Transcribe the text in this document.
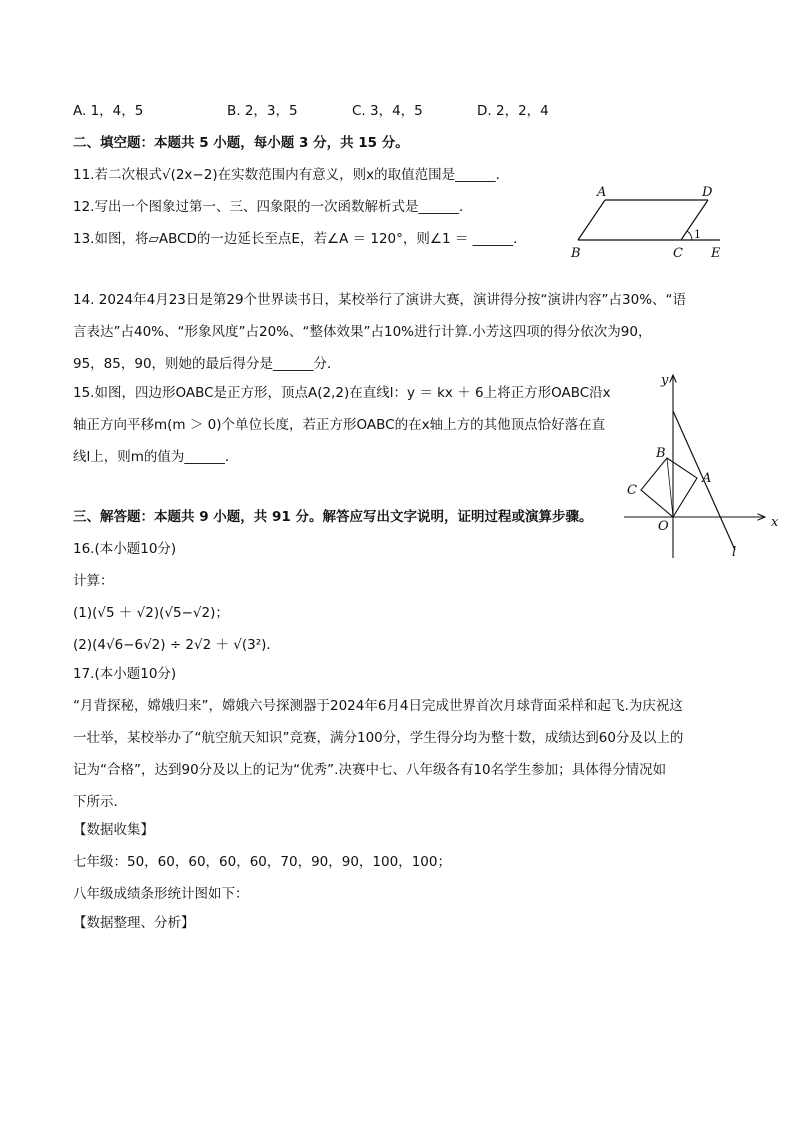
A. 1，4，5	B. 2，3，5	C. 3，4，5	D. 2，2，4
二、填空题：本题共 5 小题，每小题 3 分，共 15 分。
11.若二次根式√(2x−2)在实数范围内有意义，则x的取值范围是______．
12.写出一个图象过第一、三、四象限的一次函数解析式是______．
13.如图，将▱ABCD的一边延长至点E，若∠A ＝ 120°，则∠1 ＝ ______．
A	D
B	C E
1
14. 2024年4月23日是第29个世界读书日，某校举行了演讲大赛，演讲得分按“演讲内容”占30%、“语
言表达”占40%、“形象风度”占20%、“整体效果”占10%进行计算.小芳这四项的得分依次为90，
95，85，90，则她的最后得分是______分．
15.如图，四边形OABC是正方形，顶点A(2,2)在直线l：y ＝ kx ＋ 6上将正方形OABC沿x
轴正方向平移m(m ＞ 0)个单位长度，若正方形OABC的在x轴上方的其他顶点恰好落在直
线l上，则m的值为______．
x
y
O
A
B
C
l
三、解答题：本题共 9 小题，共 91 分。解答应写出文字说明，证明过程或演算步骤。
16.(本小题10分)
计算：
(1)(√5 ＋ √2)(√5−√2)；
(2)(4√6−6√2) ÷ 2√2 ＋ √(3²)．
17.(本小题10分)
“月背探秘，嫦娥归来”，嫦娥六号探测器于2024年6月4日完成世界首次月球背面采样和起飞.为庆祝这
一壮举，某校举办了“航空航天知识”竞赛，满分100分，学生得分均为整十数，成绩达到60分及以上的
记为“合格”，达到90分及以上的记为“优秀”.决赛中七、八年级各有10名学生参加；具体得分情况如
下所示．
【数据收集】
七年级：50，60，60，60，60，70，90，90，100，100；
八年级成绩条形统计图如下：
【数据整理、分析】
